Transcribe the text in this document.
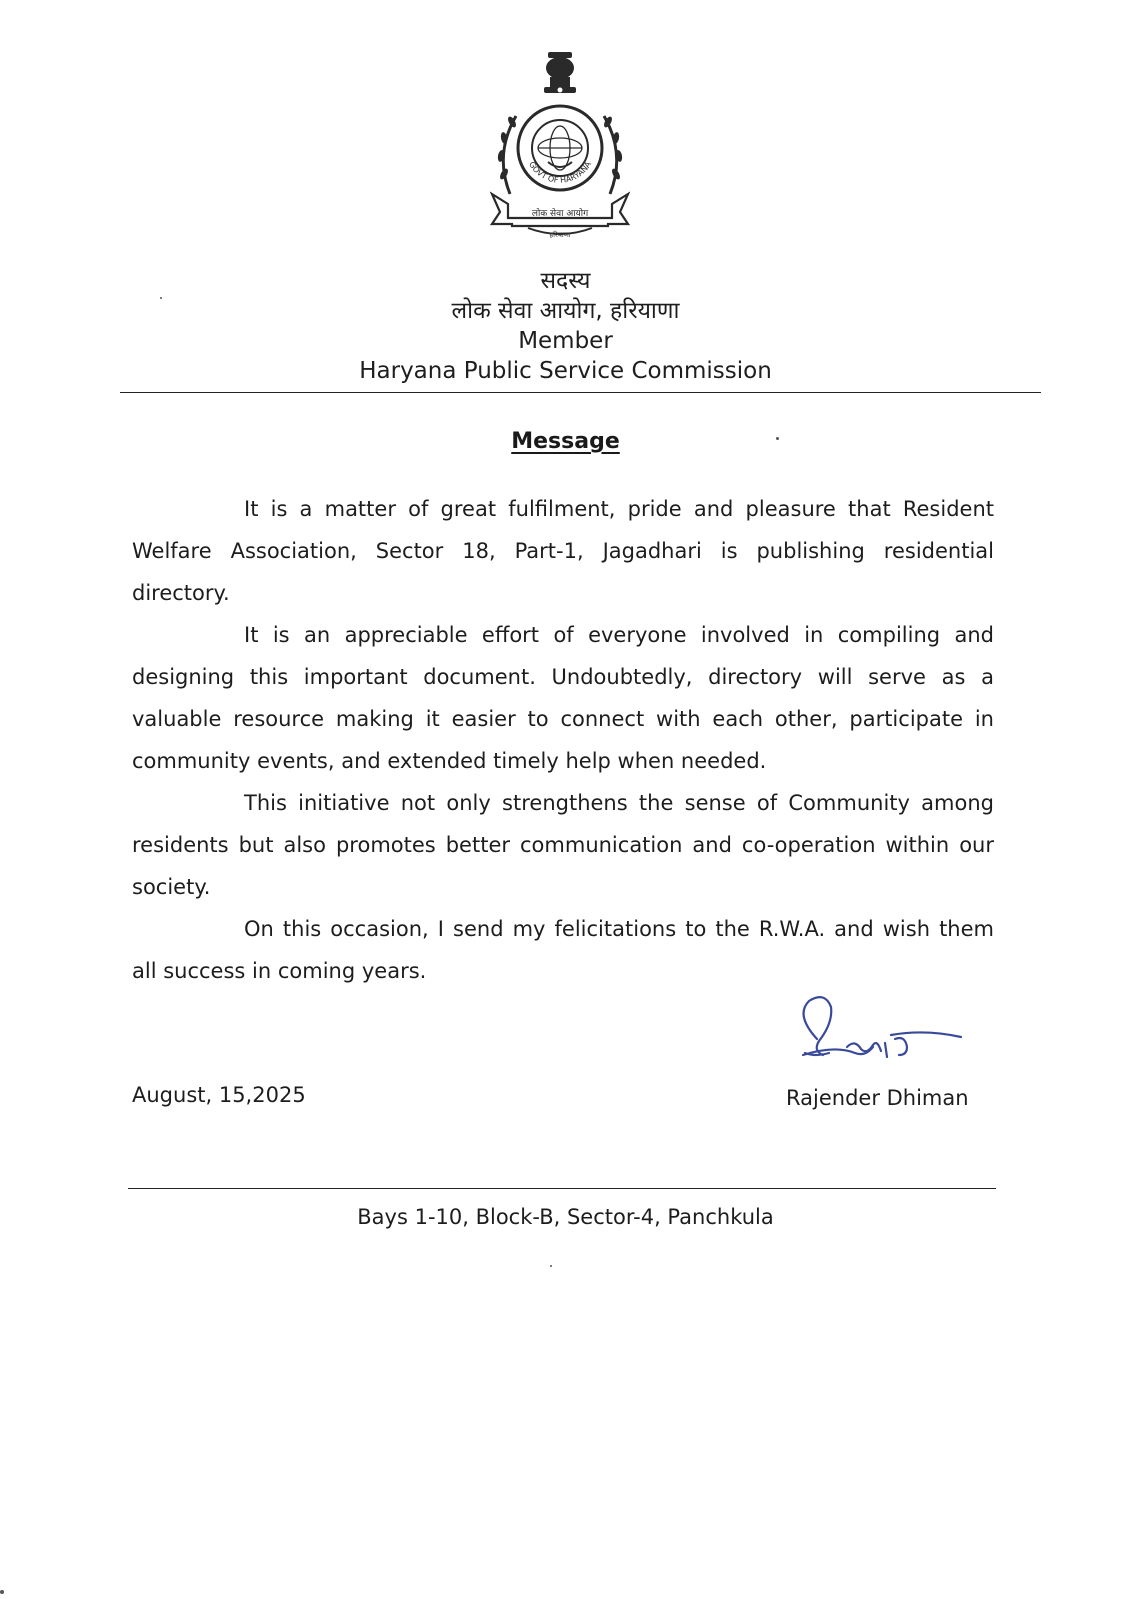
GOVT OF HARYANA
लोक सेवा आयोग
हरियाणा
सदस्य
लोक सेवा आयोग, हरियाणा
Member
Haryana Public Service Commission
Message

It is a matter of great fulfilment, pride and pleasure that Resident Welfare Association, Sector 18, Part-1, Jagadhari is publishing residential directory.

It is an appreciable effort of everyone involved in compiling and designing this important document. Undoubtedly, directory will serve as a valuable resource making it easier to connect with each other, participate in community events, and extended timely help when needed.

This initiative not only strengthens the sense of Community among residents but also promotes better communication and co-operation within our society.

On this occasion, I send my felicitations to the R.W.A. and wish them all success in coming years.

August, 15,2025	Rajender Dhiman
Bays 1-10, Block-B, Sector-4, Panchkula
